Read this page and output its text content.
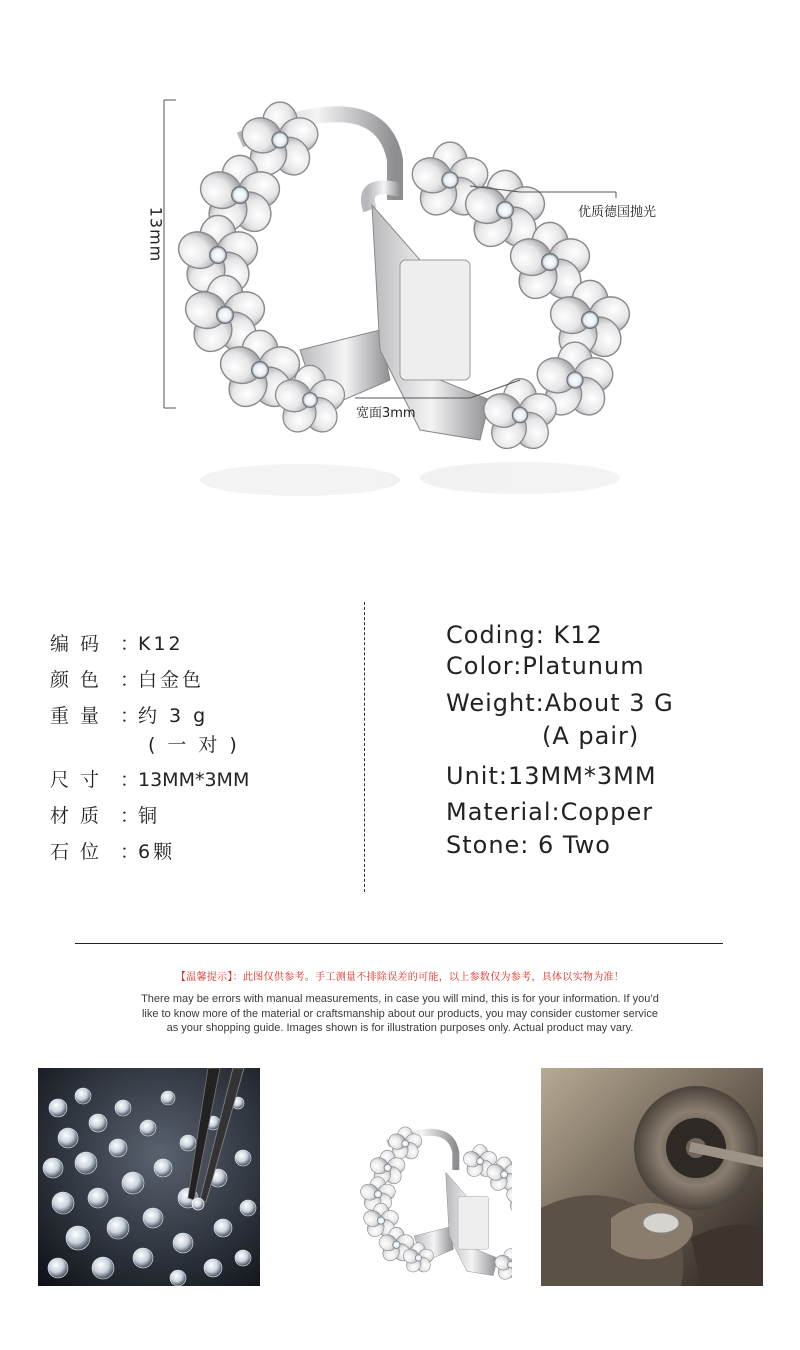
13mm	优质德国抛光
宽面3mm
编码 ：
K12
颜色 ：
白金色
重量 ：
约 3 g
(一对)
尺寸 ：
13MM*3MM
材质 ：
铜
石位 ：
6颗
Coding: K12
Color:Platunum
Weight:About 3 G
(A pair)
Unit:13MM*3MM
Material:Copper
Stone: 6 Two
【温馨提示】：此图仅供参考。手工测量不排除误差的可能，以上参数仅为参考，具体以实物为准！
There may be errors with manual measurements, in case you will mind, this is for your information. If you’d
like to know more of the material or craftsmanship about our products, you may consider customer service
as your shopping guide. Images shown is for illustration purposes only. Actual product may vary.
